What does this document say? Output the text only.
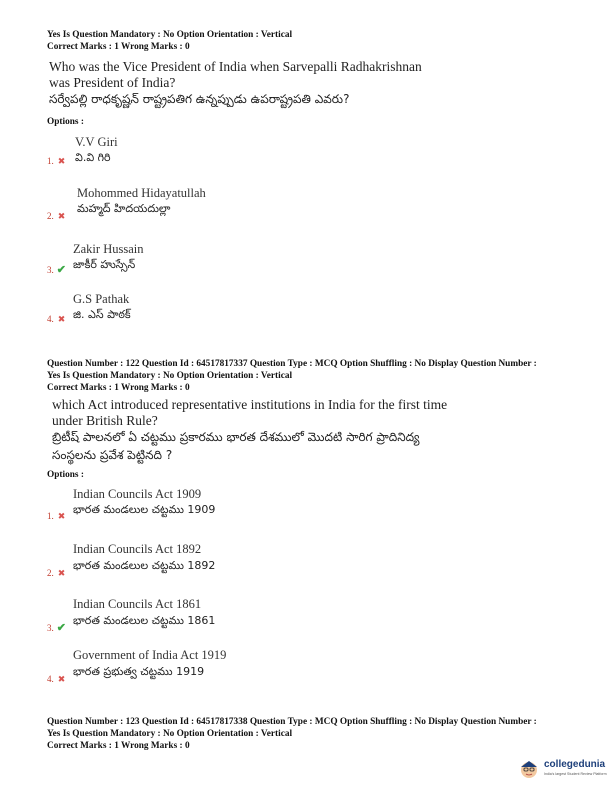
Yes Is Question Mandatory : No Option Orientation : Vertical
Correct Marks : 1 Wrong Marks : 0
Who was the Vice President of India when Sarvepalli Radhakrishnan
was President of India?
సర్వేపల్లి రాధకృష్ణన్ రాష్ట్రపతిగ ఉన్నప్పుడు ఉపరాష్ట్రపతి ఎవరు?
Options :
V.V Giri
వి.వి గిరి
1. ✖
Mohommed Hidayatullah
మహ్మద్ హిదయదుల్లా
2. ✖
Zakir Hussain
జాకీర్ హుస్సేన్
3. ✔
G.S Pathak
జి. ఎస్ పాఠక్
4. ✖
Question Number : 122 Question Id : 64517817337 Question Type : MCQ Option Shuffling : No Display Question Number :
Yes Is Question Mandatory : No Option Orientation : Vertical
Correct Marks : 1 Wrong Marks : 0
which Act introduced representative institutions in India for the first time
under British Rule?
బ్రిటీష్ పాలనలో ఏ చట్టము ప్రకారము భారత దేశములో మొదటి సారిగ ప్రాదినిద్య
సంస్థలను ప్రవేశ పెట్టినది ?
Options :
Indian Councils Act 1909
భారత మండలుల చట్టము 1909
1. ✖
Indian Councils Act 1892
భారత మండలుల చట్టము 1892
2. ✖
Indian Councils Act 1861
భారత మండలుల చట్టము 1861
3. ✔
Government of India Act 1919
భారత ప్రభుత్వ చట్టము 1919
4. ✖
Question Number : 123 Question Id : 64517817338 Question Type : MCQ Option Shuffling : No Display Question Number :
Yes Is Question Mandatory : No Option Orientation : Vertical
Correct Marks : 1 Wrong Marks : 0
collegedunia
India's largest Student Review Platform
